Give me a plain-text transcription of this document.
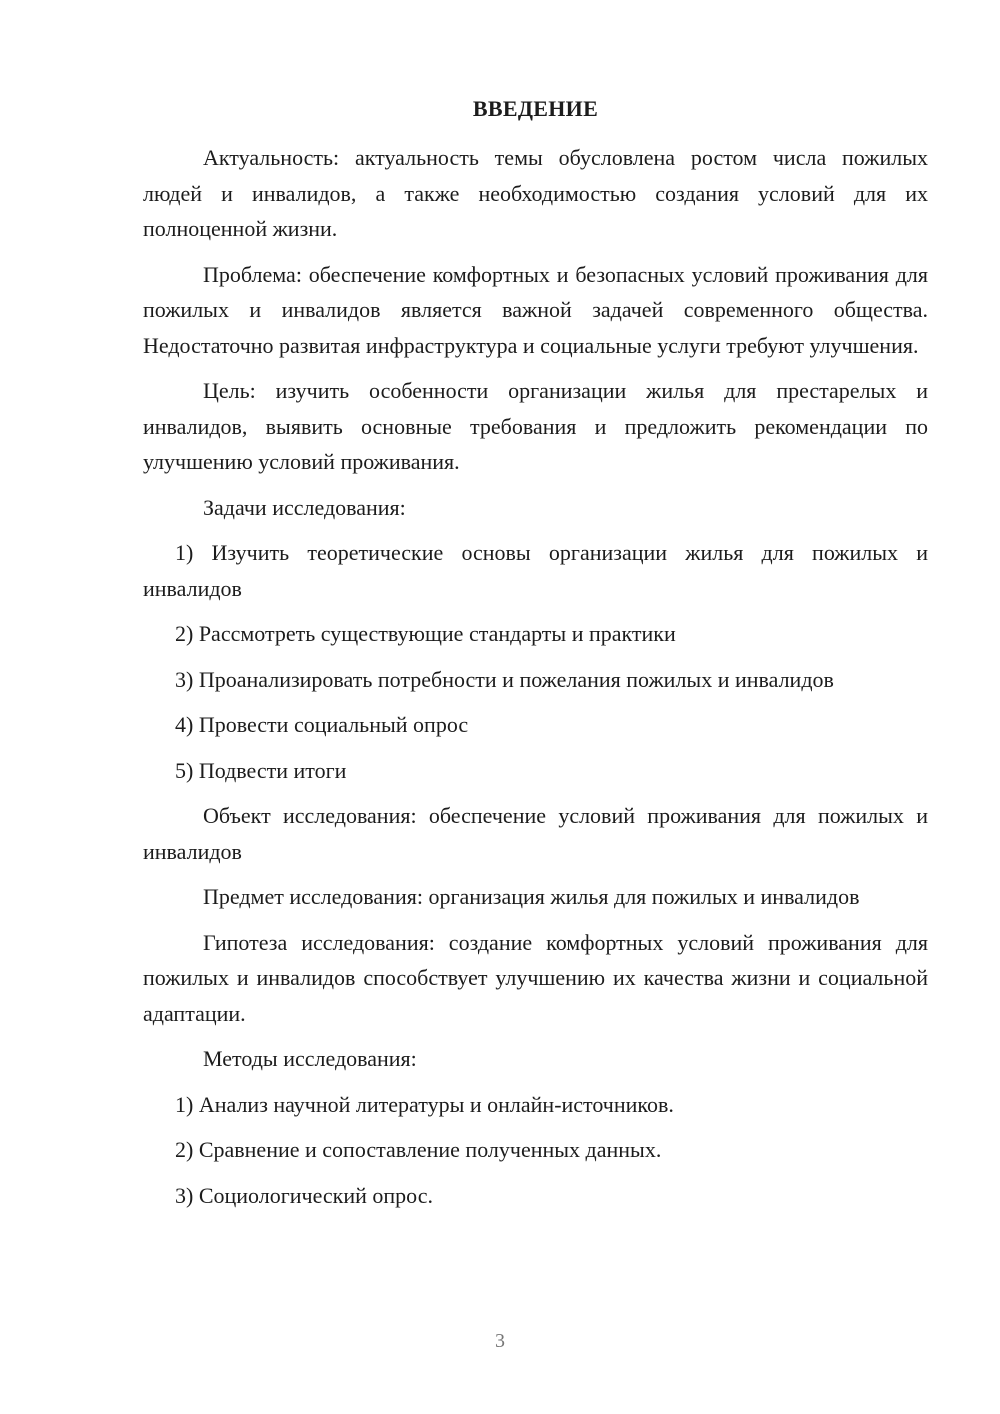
ВВЕДЕНИЕ

Актуальность: актуальность темы обусловлена ростом числа пожилых людей и инвалидов, а также необходимостью создания условий для их полноценной жизни.

Проблема: обеспечение комфортных и безопасных условий проживания для пожилых и инвалидов является важной задачей современного общества. Недостаточно развитая инфраструктура и социальные услуги требуют улучшения.

Цель: изучить особенности организации жилья для престарелых и инвалидов, выявить основные требования и предложить рекомендации по улучшению условий проживания.

Задачи исследования:

1) Изучить теоретические основы организации жилья для пожилых и инвалидов

2) Рассмотреть существующие стандарты и практики

3) Проанализировать потребности и пожелания пожилых и инвалидов

4) Провести социальный опрос

5) Подвести итоги

Объект исследования: обеспечение условий проживания для пожилых и инвалидов

Предмет исследования: организация жилья для пожилых и инвалидов

Гипотеза исследования: создание комфортных условий проживания для пожилых и инвалидов способствует улучшению их качества жизни и социальной адаптации.

Методы исследования:

1) Анализ научной литературы и онлайн-источников.

2) Сравнение и сопоставление полученных данных.

3) Социологический опрос.

3
